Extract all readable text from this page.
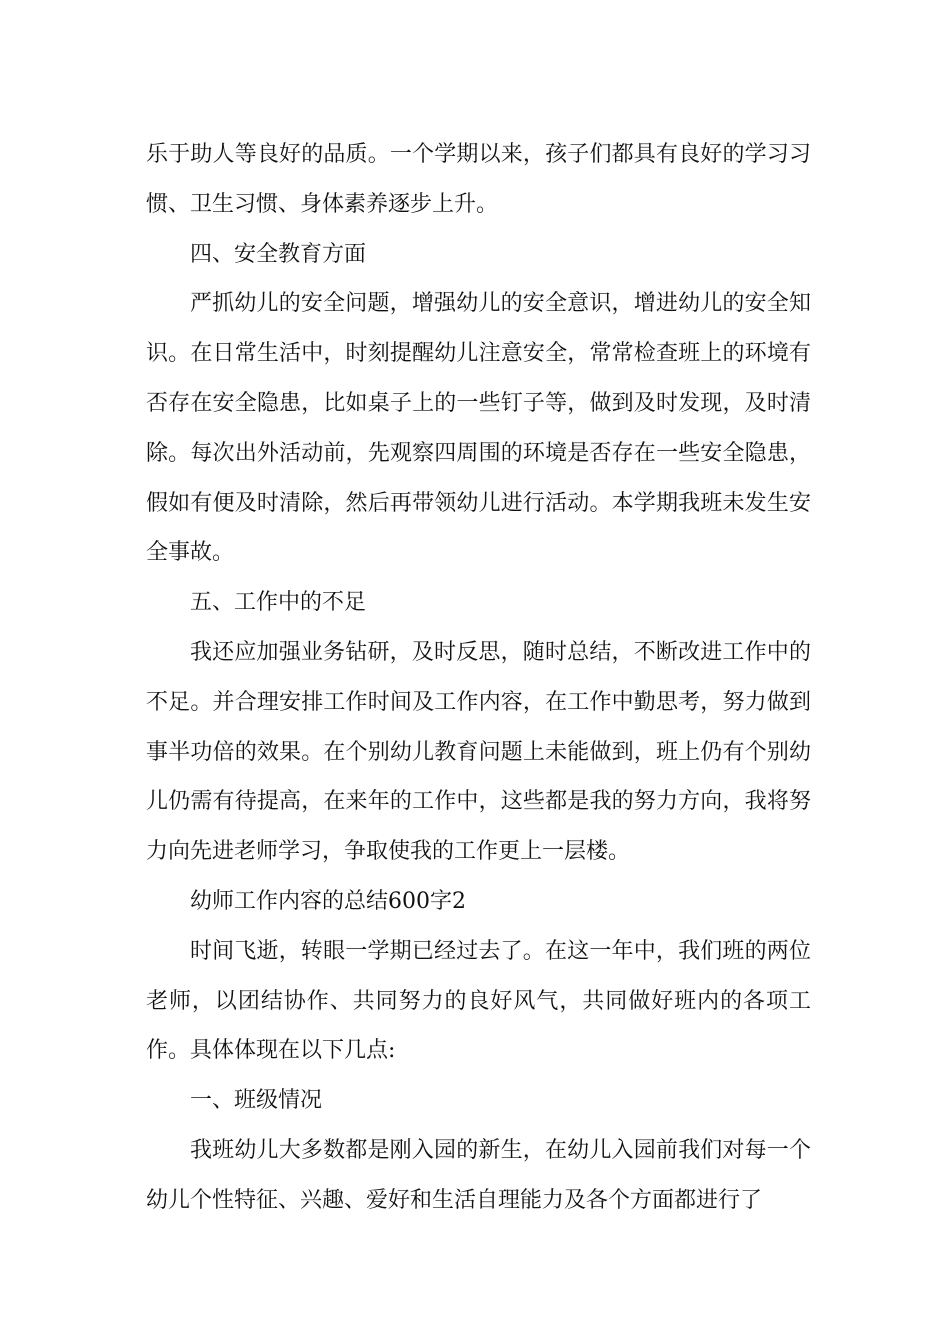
乐于助人等良好的品质。一个学期以来，孩子们都具有良好的学习习惯、卫生习惯、身体素养逐步上升。

四、安全教育方面

严抓幼儿的安全问题，增强幼儿的安全意识，增进幼儿的安全知识。在日常生活中，时刻提醒幼儿注意安全，常常检查班上的环境有否存在安全隐患，比如桌子上的一些钉子等，做到及时发现，及时清除。每次出外活动前，先观察四周围的环境是否存在一些安全隐患，假如有便及时清除，然后再带领幼儿进行活动。本学期我班未发生安全事故。

五、工作中的不足

我还应加强业务钻研，及时反思，随时总结，不断改进工作中的不足。并合理安排工作时间及工作内容，在工作中勤思考，努力做到事半功倍的效果。在个别幼儿教育问题上未能做到，班上仍有个别幼儿仍需有待提高，在来年的工作中，这些都是我的努力方向，我将努力向先进老师学习，争取使我的工作更上一层楼。

幼师工作内容的总结600字2

时间飞逝，转眼一学期已经过去了。在这一年中，我们班的两位老师，以团结协作、共同努力的良好风气，共同做好班内的各项工作。具体体现在以下几点:

一、班级情况

我班幼儿大多数都是刚入园的新生，在幼儿入园前我们对每一个幼儿个性特征、兴趣、爱好和生活自理能力及各个方面都进行了
